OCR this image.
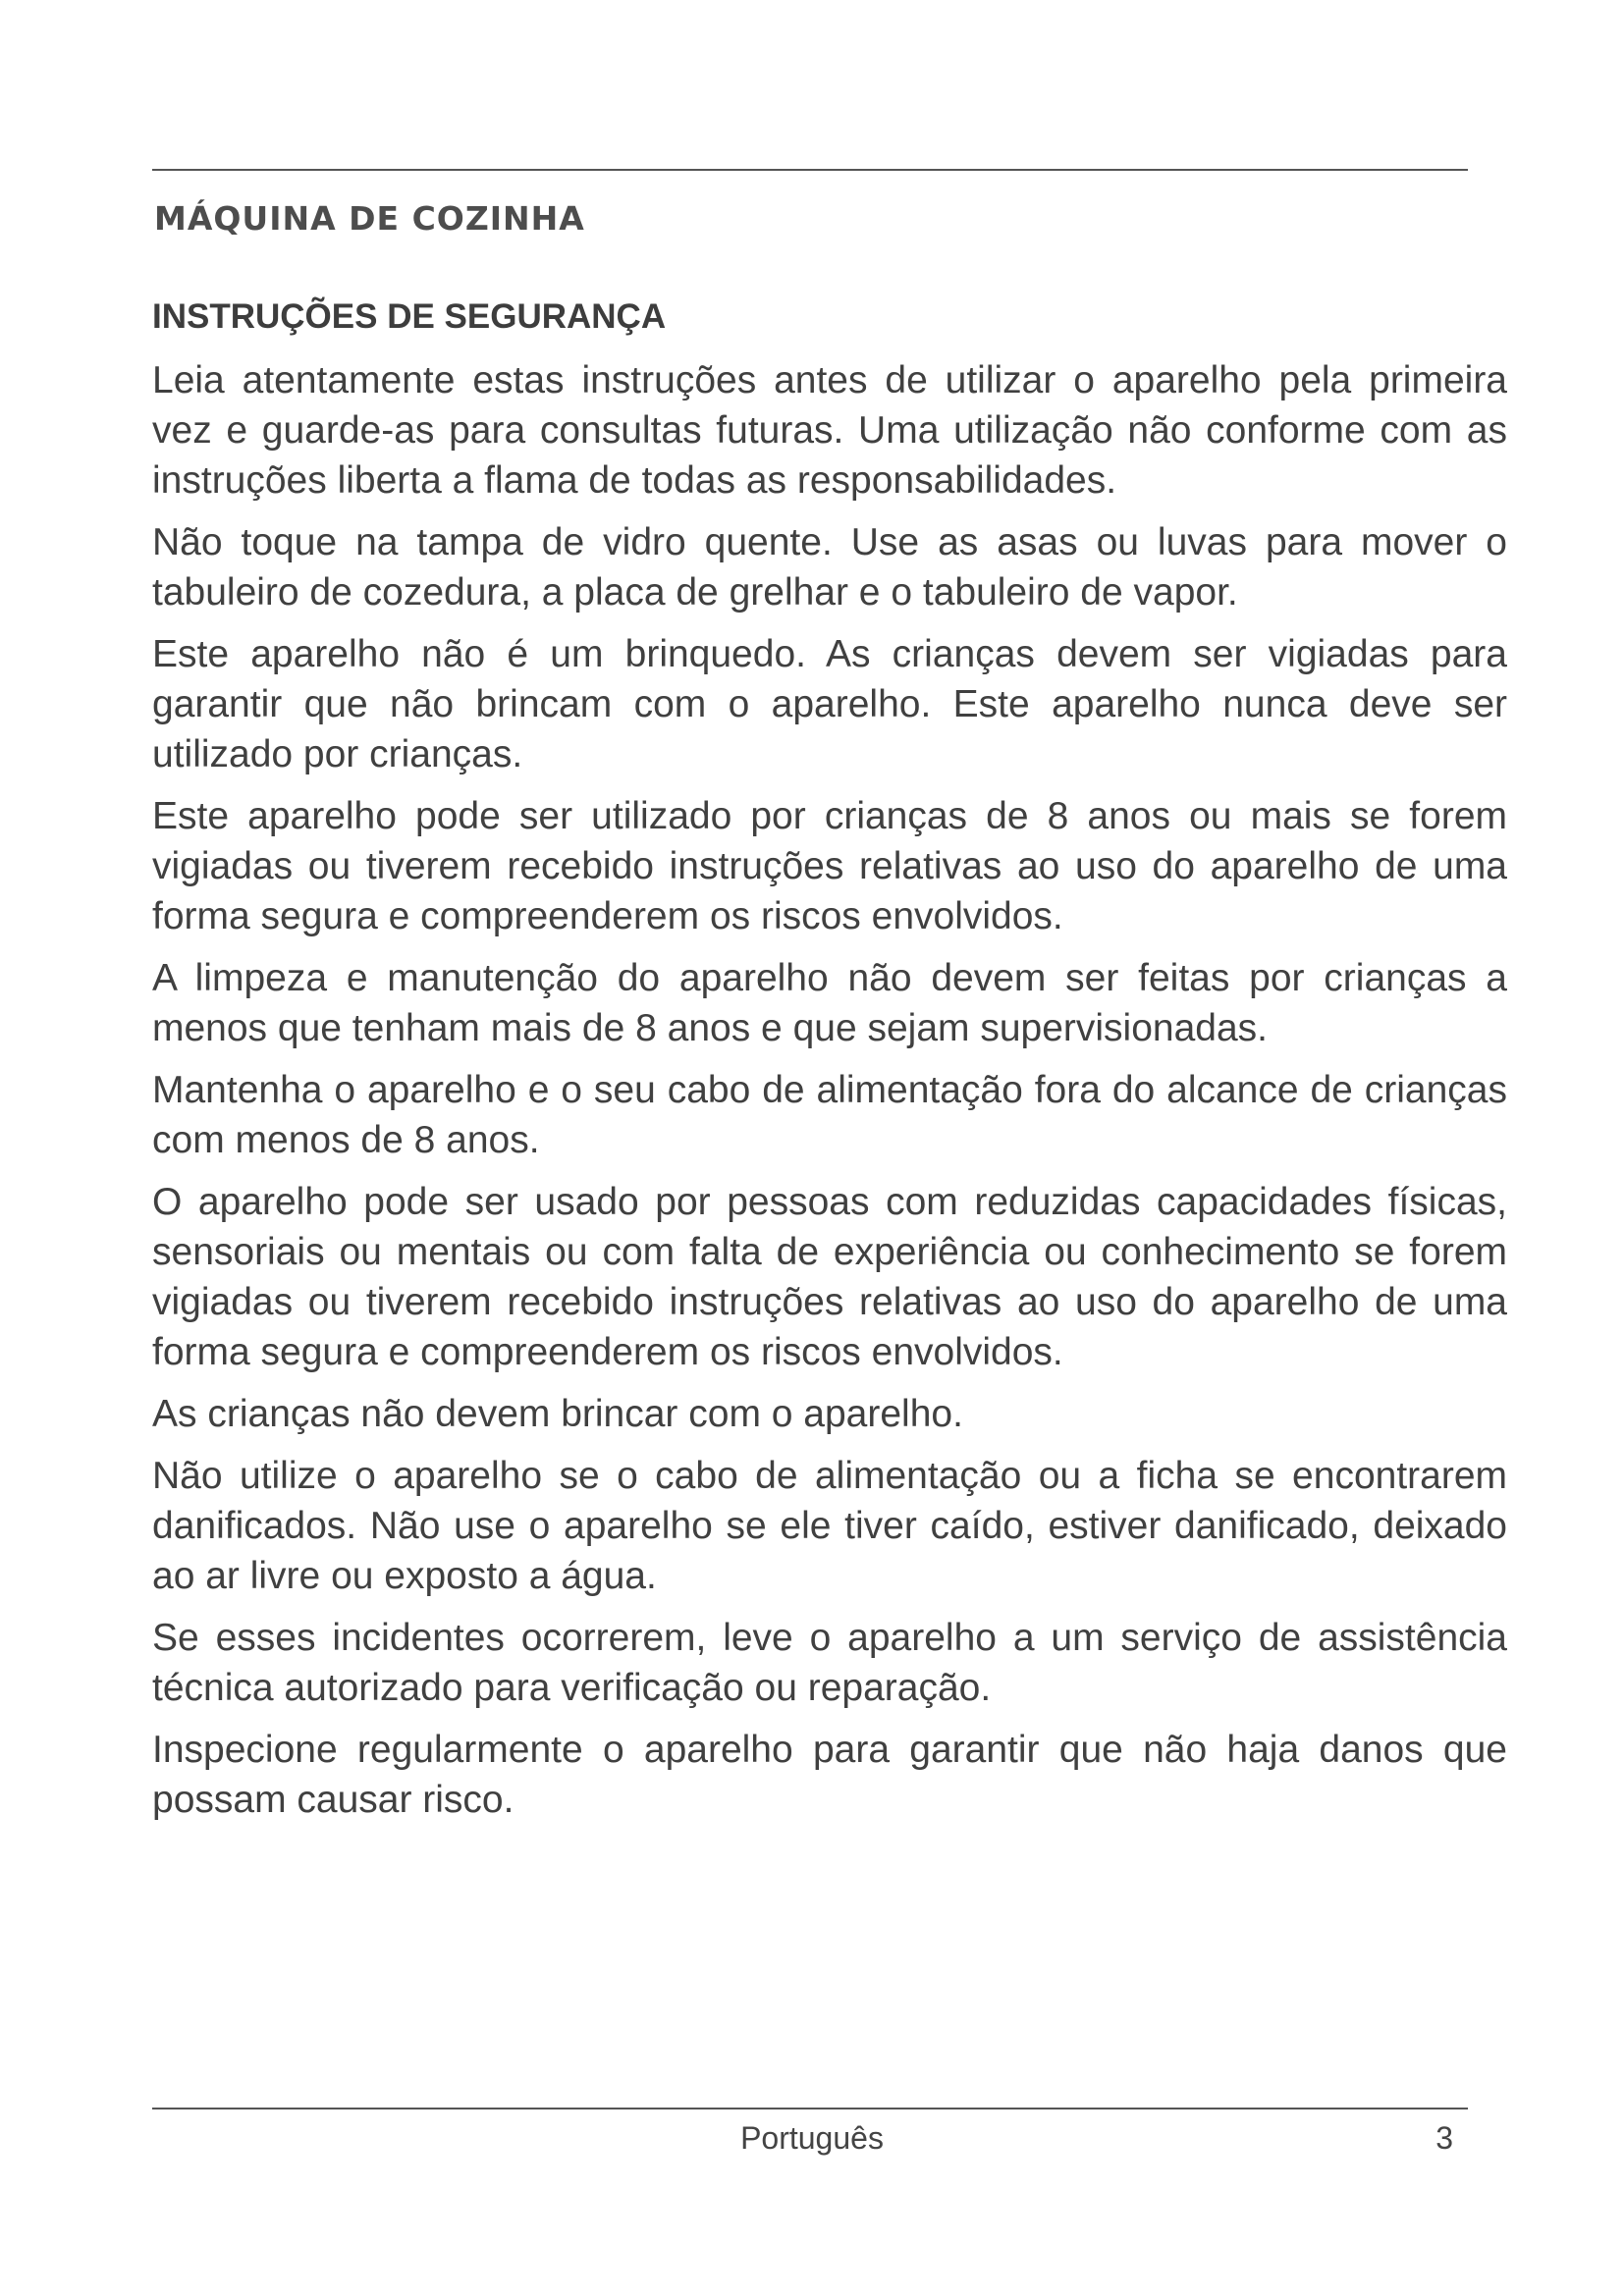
MÁQUINA DE COZINHA
INSTRUÇÕES DE SEGURANÇA

Leia atentamente estas instruções antes de utilizar o aparelho pela primeira vez e guarde-as para consultas futuras. Uma utilização não conforme com as instruções liberta a flama de todas as responsabilidades.

Não toque na tampa de vidro quente. Use as asas ou luvas para mover o tabuleiro de cozedura, a placa de grelhar e o tabuleiro de vapor.

Este aparelho não é um brinquedo. As crianças devem ser vigiadas para garantir que não brincam com o aparelho. Este aparelho nunca deve ser utilizado por crianças.

Este aparelho pode ser utilizado por crianças de 8 anos ou mais se forem vigiadas ou tiverem recebido instruções relativas ao uso do aparelho de uma forma segura e compreenderem os riscos envolvidos.

A limpeza e manutenção do aparelho não devem ser feitas por crianças a menos que tenham mais de 8 anos e que sejam supervisionadas.

Mantenha o aparelho e o seu cabo de alimentação fora do alcance de crianças com menos de 8 anos.

O aparelho pode ser usado por pessoas com reduzidas capacidades físicas, sensoriais ou mentais ou com falta de experiência ou conhecimento se forem vigiadas ou tiverem recebido instruções relativas ao uso do aparelho de uma forma segura e compreenderem os riscos envolvidos.

As crianças não devem brincar com o aparelho.

Não utilize o aparelho se o cabo de alimentação ou a ficha se encontrarem danificados. Não use o aparelho se ele tiver caído, estiver danificado, deixado ao ar livre ou exposto a água.

Se esses incidentes ocorrerem, leve o aparelho a um serviço de assistência técnica autorizado para verificação ou reparação.

Inspecione regularmente o aparelho para garantir que não haja danos que possam causar risco.

Português	3
